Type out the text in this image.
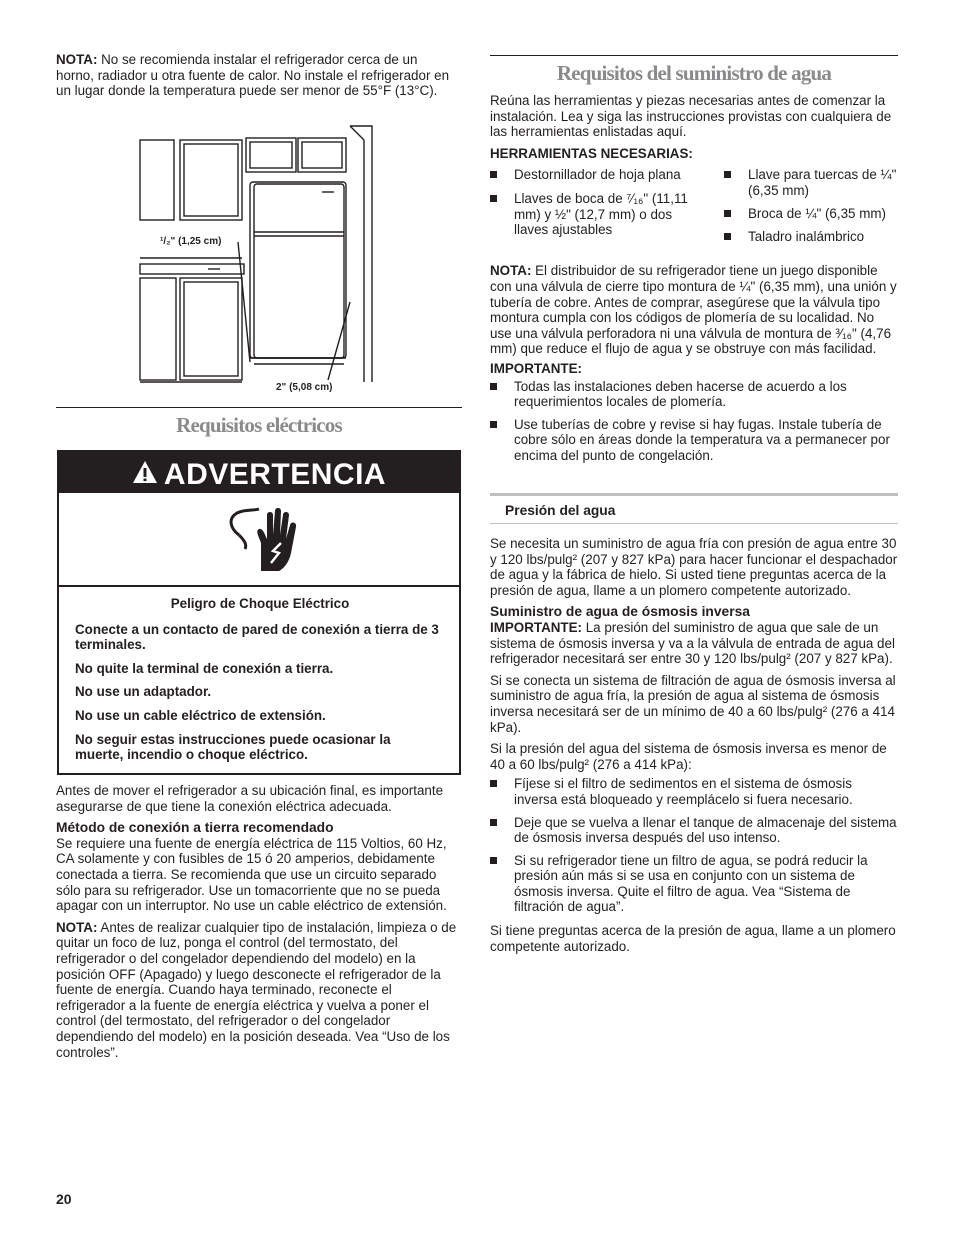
NOTA: No se recomienda instalar el refrigerador cerca de un horno, radiador u otra fuente de calor. No instale el refrigerador en un lugar donde la temperatura puede ser menor de 55°F (13°C).

¹/₂" (1,25 cm)
2" (5,08 cm)
Requisitos eléctricos
ADVERTENCIA

Peligro de Choque Eléctrico

Conecte a un contacto de pared de conexión a tierra de 3 terminales.

No quite la terminal de conexión a tierra.

No use un adaptador.

No use un cable eléctrico de extensión.

No seguir estas instrucciones puede ocasionar la muerte, incendio o choque eléctrico.

Antes de mover el refrigerador a su ubicación final, es importante asegurarse de que tiene la conexión eléctrica adecuada.

Método de conexión a tierra recomendado

Se requiere una fuente de energía eléctrica de 115 Voltios, 60 Hz, CA solamente y con fusibles de 15 ó 20 amperios, debidamente conectada a tierra. Se recomienda que use un circuito separado sólo para su refrigerador. Use un tomacorriente que no se pueda apagar con un interruptor. No use un cable eléctrico de extensión.

NOTA: Antes de realizar cualquier tipo de instalación, limpieza o de quitar un foco de luz, ponga el control (del termostato, del refrigerador o del congelador dependiendo del modelo) en la posición OFF (Apagado) y luego desconecte el refrigerador de la fuente de energía. Cuando haya terminado, reconecte el refrigerador a la fuente de energía eléctrica y vuelva a poner el control (del termostato, del refrigerador o del congelador dependiendo del modelo) en la posición deseada. Vea “Uso de los controles”.

Requisitos del suministro de agua

Reúna las herramientas y piezas necesarias antes de comenzar la instalación. Lea y siga las instrucciones provistas con cualquiera de las herramientas enlistadas aquí.

HERRAMIENTAS NECESARIAS:

Destornillador de hoja plana
Llaves de boca de ⁷⁄₁₆" (11,11 mm) y ½" (12,7 mm) o dos llaves ajustables
Llave para tuercas de ¼" (6,35 mm)
Broca de ¼" (6,35 mm)
Taladro inalámbrico

NOTA: El distribuidor de su refrigerador tiene un juego disponible con una válvula de cierre tipo montura de ¼" (6,35 mm), una unión y tubería de cobre. Antes de comprar, asegúrese que la válvula tipo montura cumpla con los códigos de plomería de su localidad. No use una válvula perforadora ni una válvula de montura de ³⁄₁₆" (4,76 mm) que reduce el flujo de agua y se obstruye con más facilidad.

IMPORTANTE:

Todas las instalaciones deben hacerse de acuerdo a los requerimientos locales de plomería.
Use tuberías de cobre y revise si hay fugas. Instale tubería de cobre sólo en áreas donde la temperatura va a permanecer por encima del punto de congelación.
Presión del agua

Se necesita un suministro de agua fría con presión de agua entre 30 y 120 lbs/pulg² (207 y 827 kPa) para hacer funcionar el despachador de agua y la fábrica de hielo. Si usted tiene preguntas acerca de la presión de agua, llame a un plomero competente autorizado.

Suministro de agua de ósmosis inversa

IMPORTANTE: La presión del suministro de agua que sale de un sistema de ósmosis inversa y va a la válvula de entrada de agua del refrigerador necesitará ser entre 30 y 120 lbs/pulg² (207 y 827 kPa).

Si se conecta un sistema de filtración de agua de ósmosis inversa al suministro de agua fría, la presión de agua al sistema de ósmosis inversa necesitará ser de un mínimo de 40 a 60 lbs/pulg² (276 a 414 kPa).

Si la presión del agua del sistema de ósmosis inversa es menor de 40 a 60 lbs/pulg² (276 a 414 kPa):

Fíjese si el filtro de sedimentos en el sistema de ósmosis inversa está bloqueado y reemplácelo si fuera necesario.
Deje que se vuelva a llenar el tanque de almacenaje del sistema de ósmosis inversa después del uso intenso.
Si su refrigerador tiene un filtro de agua, se podrá reducir la presión aún más si se usa en conjunto con un sistema de ósmosis inversa. Quite el filtro de agua. Vea “Sistema de filtración de agua”.

Si tiene preguntas acerca de la presión de agua, llame a un plomero competente autorizado.

20
